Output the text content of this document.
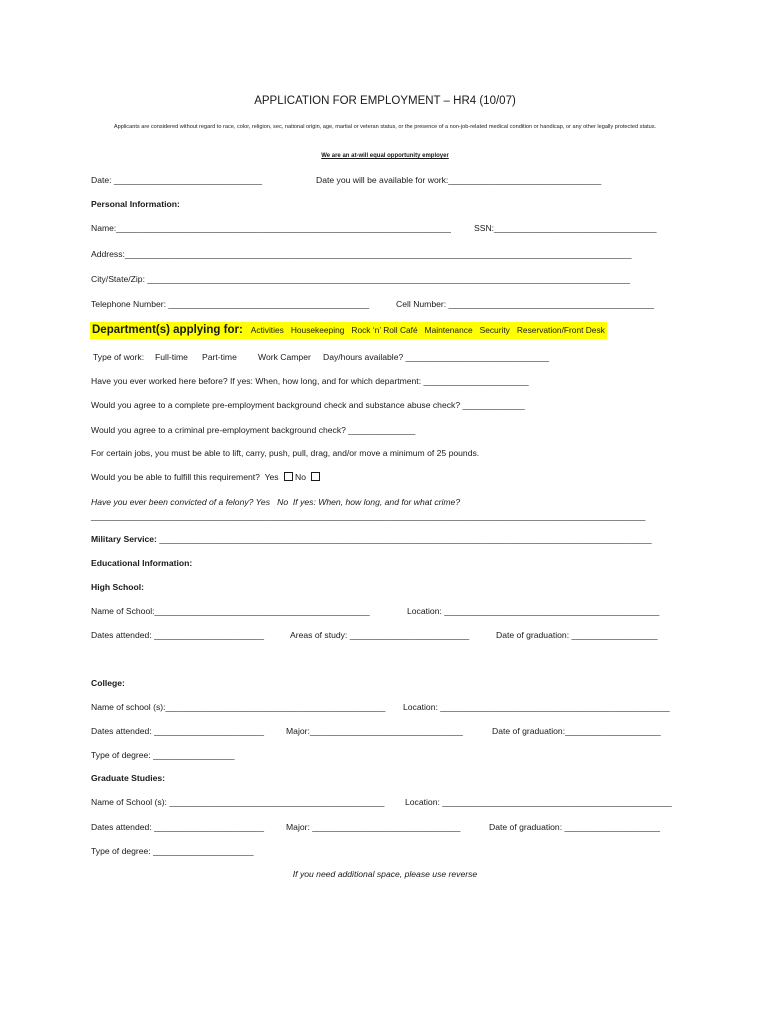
APPLICATION FOR EMPLOYMENT – HR4 (10/07)
Applicants are considered without regard to race, color, religion, sec, national origin, age, martial or veteran status, or the presence of a non-job-related medical condition or handicap, or any other legally protected status.
We are an at-will equal opportunity employer
Date: _______________________________	Date you will be available for work:________________________________
Personal Information:
Name:______________________________________________________________________	SSN:__________________________________
Address:__________________________________________________________________________________________________________
City/State/Zip: _____________________________________________________________________________________________________
Telephone Number: __________________________________________	Cell Number: ___________________________________________
Department(s) applying for: Activities Housekeeping Rock ‘n’ Roll Café Maintenance Security Reservation/Front Desk
Type of work: Full-time Part-time Work Camper Day/hours available? ______________________________
Have you ever worked here before? If yes: When, how long, and for which department: ______________________
Would you agree to a complete pre-employment background check and substance abuse check? _____________
Would you agree to a criminal pre-employment background check? ______________
For certain jobs, you must be able to lift, carry, push, pull, drag, and/or move a minimum of 25 pounds.
Would you be able to fulfill this requirement? Yes No
Have you ever been convicted of a felony? Yes   No  If yes: When, how long, and for what crime?
____________________________________________________________________________________________________________________
Military Service: _______________________________________________________________________________________________________
Educational Information:
High School:
Name of School:_____________________________________________	Location: _____________________________________________
Dates attended: _______________________	Areas of study: _________________________	Date of graduation: __________________
College:
Name of school (s):______________________________________________ Location: ________________________________________________
Dates attended: _______________________	Major:________________________________	Date of graduation:____________________
Type of degree: _________________
Graduate Studies:
Name of School (s): _____________________________________________ Location: ________________________________________________
Dates attended: _______________________	Major: _______________________________	Date of graduation: ____________________
Type of degree: _____________________
If you need additional space, please use reverse
